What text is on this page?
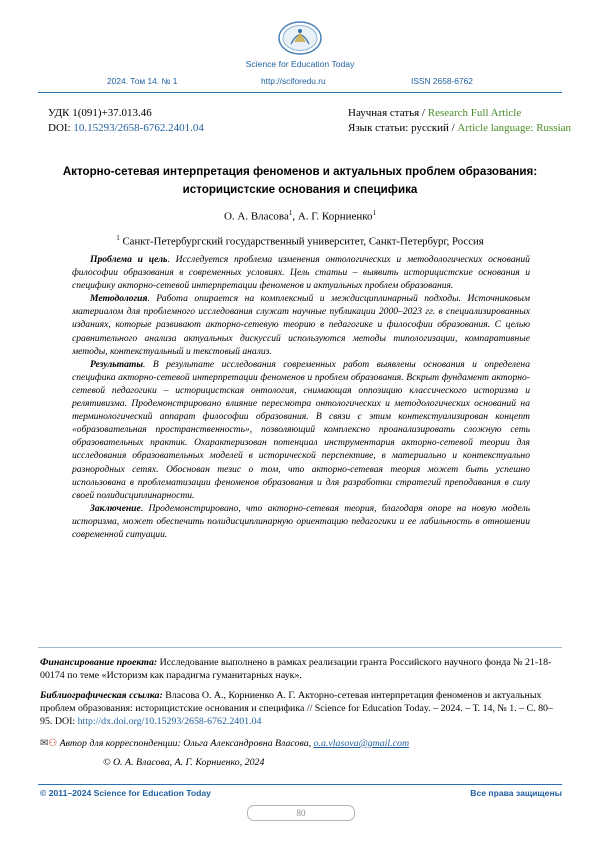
Science for Education Today
2024. Том 14. № 1	http://sciforedu.ru	ISSN 2658-6762
УДК 1(091)+37.013.46
DOI: 10.15293/2658-6762.2401.04
Научная статья / Research Full Article
Язык статьи: русский / Article language: Russian
Акторно-сетевая интерпретация феноменов и актуальных проблем образования:
историцистские основания и специфика
О. А. Власова$^1$, А. Г. Корниенко$^1$
$^1$ Санкт-Петербургский государственный университет, Санкт-Петербург, Россия

Проблема и цель. Исследуется проблема изменения онтологических и методологических оснований философии образования в современных условиях. Цель статьи – выявить историцистские основания и специфику акторно-сетевой интерпретации феноменов и актуальных проблем образования.

Методология. Работа опирается на комплексный и междисциплинарный подходы. Источниковым материалом для проблемного исследования служат научные публикации 2000–2023 гг. в специализированных изданиях, которые развивают акторно-сетевую теорию в педагогике и философии образования. С целью сравнительного анализа актуальных дискуссий используются методы типологизации, компаративные методы, контекстуальный и текстовый анализ.

Результаты. В результате исследования современных работ выявлены основания и определена специфика акторно-сетевой интерпретации феноменов и проблем образования. Вскрыт фундамент акторно-сетевой педагогики – историцистская онтология, снимающая оппозицию классического историзма и релятивизма. Продемонстрировано влияние пересмотра онтологических и методологических оснований на терминологический аппарат философии образования. В связи с этим контекстуализирован концепт «образовательная пространственность», позволяющий комплексно проанализировать сложную сеть образовательных практик. Охарактеризован потенциал инструментария акторно-сетевой теории для исследования образовательных моделей в исторической перспективе, в материально и контекстуально разнородных сетях. Обоснован тезис о том, что акторно-сетевая теория может быть успешно использована в проблематизации феноменов образования и для разработки стратегий преподавания в силу своей полидисциплинарности.

Заключение. Продемонстрировано, что акторно-сетевая теория, благодаря опоре на новую модель историзма, может обеспечить полидисциплинарную ориентацию педагогики и ее лабильность в отношении современной ситуации.

Финансирование проекта: Исследование выполнено в рамках реализации гранта Российского научного фонда № 21-18-00174 по теме «Историзм как парадигма гуманитарных наук».
Библиографическая ссылка: Власова О. А., Корниенко А. Г. Акторно-сетевая интерпретация феноменов и актуальных проблем образования: историцистские основания и специфика // Science for Education Today. – 2024. – Т. 14, № 1. – С. 80–95. DOI: http://dx.doi.org/10.15293/2658-6762.2401.04
✉⚇ Автор для корреспонденции: Ольга Александровна Власова, o.a.vlasova@gmail.com
© О. А. Власова, А. Г. Корниенко, 2024
© 2011–2024 Science for Education Today	Все права защищены
80
